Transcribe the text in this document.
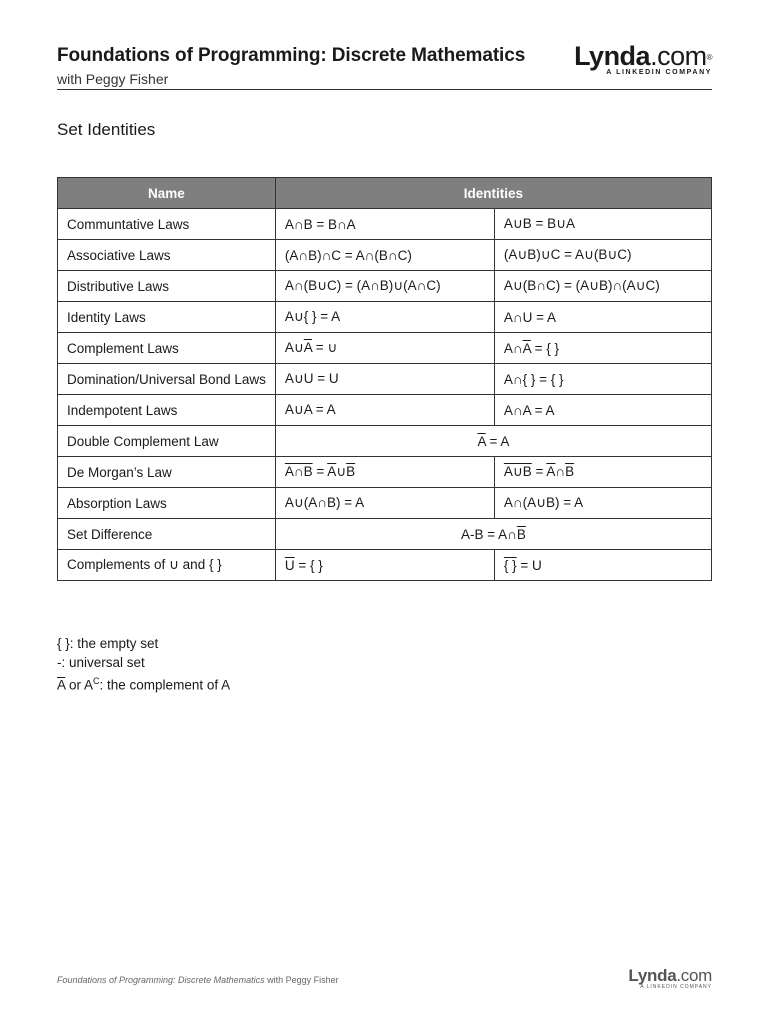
Foundations of Programming: Discrete Mathematics
with Peggy Fisher
Lynda.com®
A LINKEDIN COMPANY
Set Identities
Name	Identities	
Communtative Laws	A∩B = B∩A	A∪B = B∪A
Associative Laws	(A∩B)∩C = A∩(B∩C)	(A∪B)∪C = A∪(B∪C)
Distributive Laws	A∩(B∪C) = (A∩B)∪(A∩C)	A∪(B∩C) = (A∪B)∩(A∪C)
Identity Laws	A∪{ } = A	A∩U = A
Complement Laws	$A\cup\overline{A}$ = ∪	$A\cap\overline{A}$ = { }
Domination/Universal Bond Laws	A∪U = U	A∩{ } = { }
Indempotent Laws	A∪A = A	A∩A = A
Double Complement Law	$\overline{A} = A$	
De Morgan’s Law	A∩B = $\overline{A}\cup\overline{B}$	A∪B = $\overline{A}\cap\overline{B}$
Absorption Laws	A∪(A∩B) = A	A∩(A∪B) = A
Set Difference	$A-B = A\cap\overline{B}$
Complements of ∪ and { }	$\overline{U}$ = { }	{ } = U
{ }: the empty set
-: universal set
$\overline{A}$ or $A^C$: the complement of A
Foundations of Programming: Discrete Mathematics with Peggy Fisher	Lynda.com
A LINKEDIN COMPANY
